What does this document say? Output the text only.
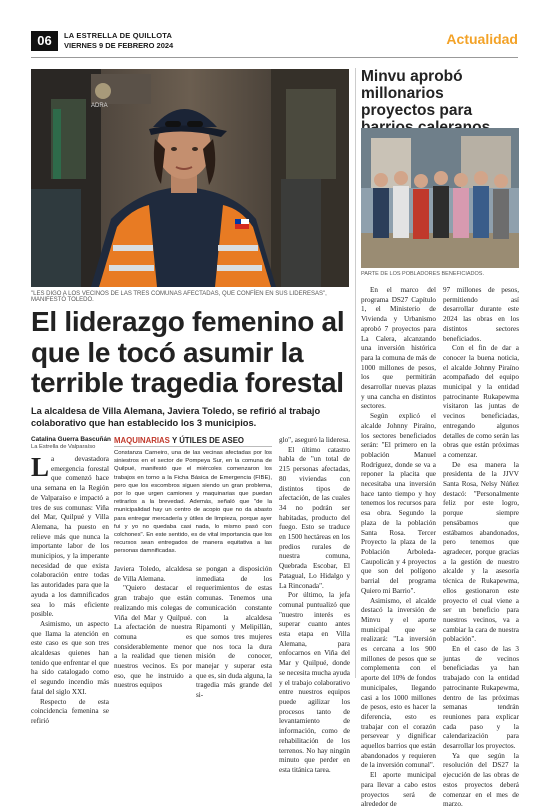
06	LA ESTRELLA DE QUILLOTA
VIERNES 9 DE FEBRERO 2024	Actualidad
ADRA
"LES DIGO A LOS VECINOS DE LAS TRES COMUNAS AFECTADAS, QUE CONFÍEN EN SUS LIDERESAS", MANIFESTÓ TOLEDO.
Minvu aprobó millonarios proyectos para
PARTE DE LOS POBLADORES BENEFICIADOS.
El liderazgo femenino al que le tocó asumir la terrible tragedia forestal
La alcaldesa de Villa Alemana, Javiera Toledo, se refirió al trabajo colaborativo que han establecido los 3 municipios.
Catalina Guerra Bascuñán
La Estrella de Valparaíso

La devastadora emergencia forestal que comenzó hace una semana en la Región de Valparaíso e impactó a tres de sus comunas: Viña del Mar, Quilpué y Villa Alemana, ha puesto en relieve más que nunca la importante labor de los municipios, y la imperante necesidad de que exista colaboración entre todas las autoridades para que la ayuda a los damnificados sea lo más eficiente posible.

Asimismo, un aspecto que llama la atención en este caso es que son tres alcaldesas quienes han tenido que enfrentar el que ha sido catalogado como el segundo incendio más fatal del siglo XXI.

Respecto de esta coincidencia femenina se refirió

MAQUINARIAS Y ÚTILES DE ASEO
Constanza Carneiro, una de las vecinas afectadas por los siniestros en el sector de Pompeya Sur, en la comuna de Quilpué, manifestó que el miércoles comenzaron los trabajos en torno a la Ficha Básica de Emergencia (FIBE), pero que los escombros siguen siendo un gran problema, por lo que urgen camiones y maquinarias que puedan retirarlos a la brevedad. Además, señaló que "de la municipalidad hay un centro de acopio que no da abasto para entregar mercadería y útiles de limpieza, porque ayer fui y yo no quedaba casi nada, lo mismo pasó con colchones". En este sentido, es de vital importancia que los recursos sean entregados de manera equitativa a las personas damnificadas.

Javiera Toledo, alcaldesa de Villa Alemana.

"Quiero destacar el gran trabajo que están realizando mis colegas de Viña del Mar y Quilpué. La afectación de nuestra comuna es considerablemente menor a la realidad que tienen nuestros vecinos. Es por eso, que he instruido a nuestros equipos

se pongan a disposición inmediata de los requerimientos de estas comunas. Tenemos una comunicación constante con la alcaldesa Ripamonti y Melipillán, que somos tres mujeres que nos toca la dura misión de conocer, manejar y superar esta que es, sin duda alguna, la tragedia más grande del si-

glo", aseguró la lideresa.

El último catastro habla de "un total de 215 personas afectadas, 80 viviendas con distintos tipos de afectación, de las cuales 34 no podrán ser habitadas, producto del fuego. Esto se traduce en 1500 hectáreas en los predios rurales de nuestra comuna, Quebrada Escobar, El Patagual, Lo Hidalgo y La Rinconada".

Por último, la jefa comunal puntualizó que "nuestro interés es superar cuanto antes esta etapa en Villa Alemana, para enfocarnos en Viña del Mar y Quilpué, donde se necesita mucha ayuda y el trabajo colaborativo entre nuestros equipos puede agilizar los procesos tanto de levantamiento de información, como de rehabilitación de los terrenos. No hay ningún minuto que perder en esta titánica tarea.

En el marco del programa DS27 Capítulo 1, el Ministerio de Vivienda y Urbanismo aprobó 7 proyectos para La Calera, alcanzando una inversión histórica para la comuna de más de 1000 millones de pesos, los que permitirán desarrollar nuevas plazas y una cancha en distintos sectores.

Según explicó el alcalde Johnny Piraíno, los sectores beneficiados serán: "El primero en la población Manuel Rodríguez, donde se va a reponer la placita que necesitaba una inversión hace tanto tiempo y hoy tenemos los recursos para esa obra. Segundo la plaza de la población Santa Rosa. Tercer Proyecto la plaza de la Población Arboleda-Caupolicán y 4 proyectos que son del polígono barrial del programa Quiero mi Barrio".

Asimismo, el alcalde destacó la inversión de Minvu y el aporte municipal que se realizará: "La inversión es cercana a los 900 millones de pesos que se complementa con el aporte del 10% de fondos municipales, llegando casi a los 1000 millones de pesos, esto es hacer la diferencia, esto es trabajar con el corazón persevear y dignificar aquellos barrios que están abandonados y requieren de la inversión comunal".

El aporte municipal para llevar a cabo estos proyectos será de alrededor de

97 millones de pesos, permitiendo así desarrollar durante este 2024 las obras en los distintos sectores beneficiados.

Con el fin de dar a conocer la buena noticia, el alcalde Johnny Piraíno acompañado del equipo municipal y la entidad patrocinante Rukapewma visitaron las juntas de vecinos beneficiadas, entregando algunos detalles de como serán las obras que están próximas a comenzar.

De esa manera la presidenta de la JJVV Santa Rosa, Nelsy Núñez destacó: "Personalmente feliz por este logro, porque siempre pensábamos que estábamos abandonados, pero tenemos que agradecer, porque gracias a la gestión de nuestro alcalde y la asesoría técnica de Rukapewma, ellos gestionaron este proyecto el cual viene a ser un beneficio para nuestros vecinos, va a cambiar la cara de nuestra población".

En el caso de las 3 juntas de vecinos beneficiadas ya han trabajado con la entidad patrocinante Rukapewma, dentro de las próximas semanas tendrán reuniones para explicar cada paso y la calendarización para desarrollar los proyectos.

Ya que según la resolución del DS27 la ejecución de las obras de estos proyectos deberá comenzar en el mes de marzo.
